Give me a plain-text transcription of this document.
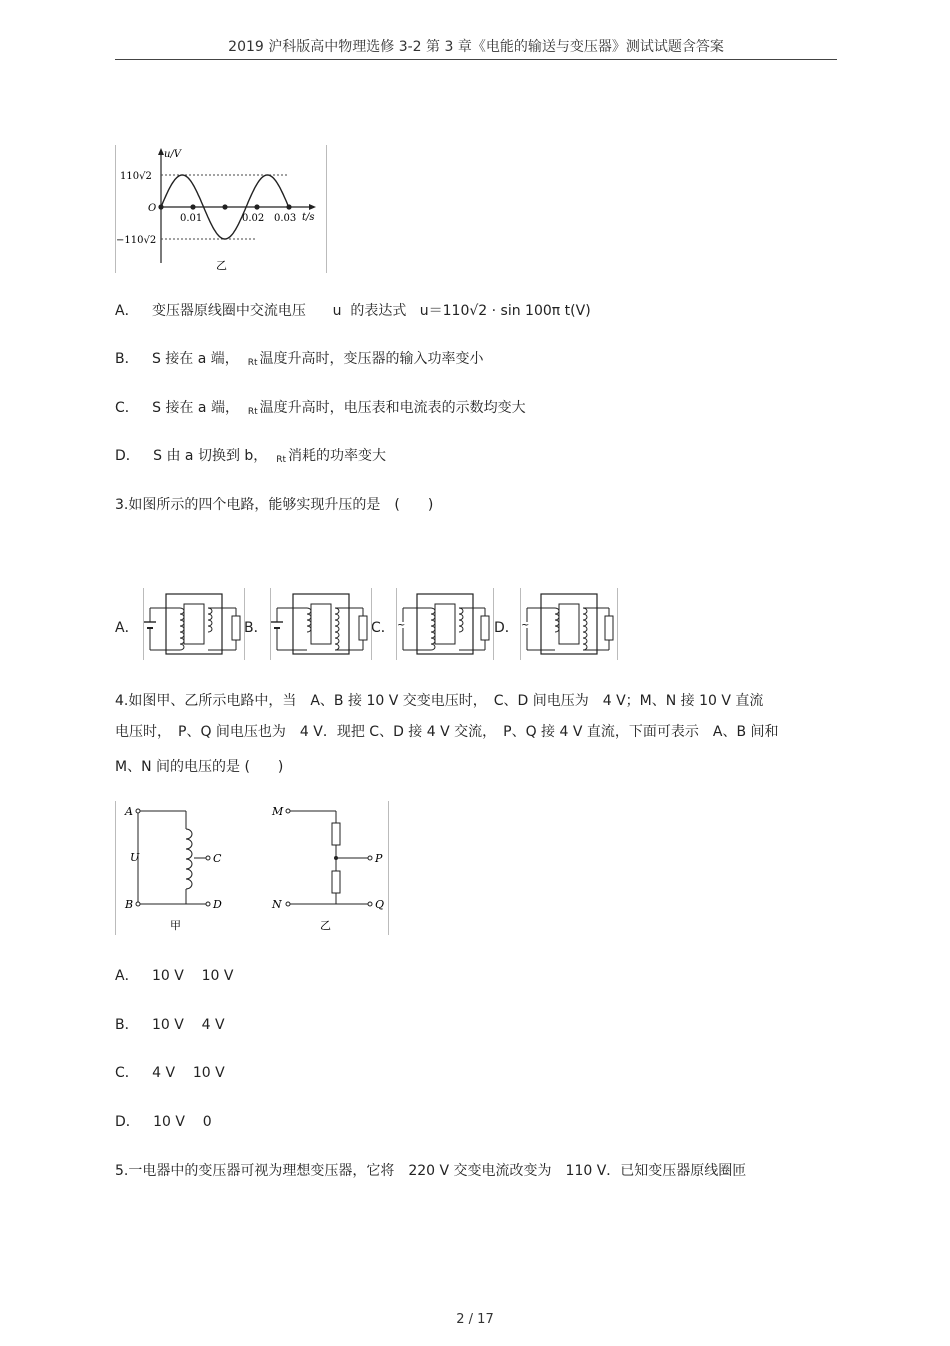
2019 沪科版高中物理选修 3-2 第 3 章《电能的输送与变压器》测试试题含答案
u/V
t/s
110√2
−110√2
O
0.01	0.02 0.03
乙
A． 变压器原线圈中交流电压 u 的表达式 u＝110√2 · sin 100π t(V)
B． S 接在 a 端， $_{Rt}$ 温度升高时，变压器的输入功率变小
C． S 接在 a 端， $_{Rt}$ 温度升高时，电压表和电流表的示数均变大
D． S 由 a 切换到 b， $_{Rt}$ 消耗的功率变大
3.如图所示的四个电路，能够实现升压的是　(　　)
A．	B．	C．	D．
~	~
4.如图甲、乙所示电路中，当　A、B 接 10 V 交变电压时，　C、D 间电压为　4 V；M、N 接 10 V 直流
电压时，　P、Q 间电压也为　4 V．现把 C、D 接 4 V 交流，　P、Q 接 4 V 直流，下面可表示　A、B 间和
M、N 间的电压的是 (　　)
A
B
C
D
U
甲
M
N
P
Q
乙
A． 10 V 10 V
B． 10 V 4 V
C． 4 V 10 V
D． 10 V 0
5.一电器中的变压器可视为理想变压器，它将　220 V 交变电流改变为　110 V．已知变压器原线圈匝
2 / 17
